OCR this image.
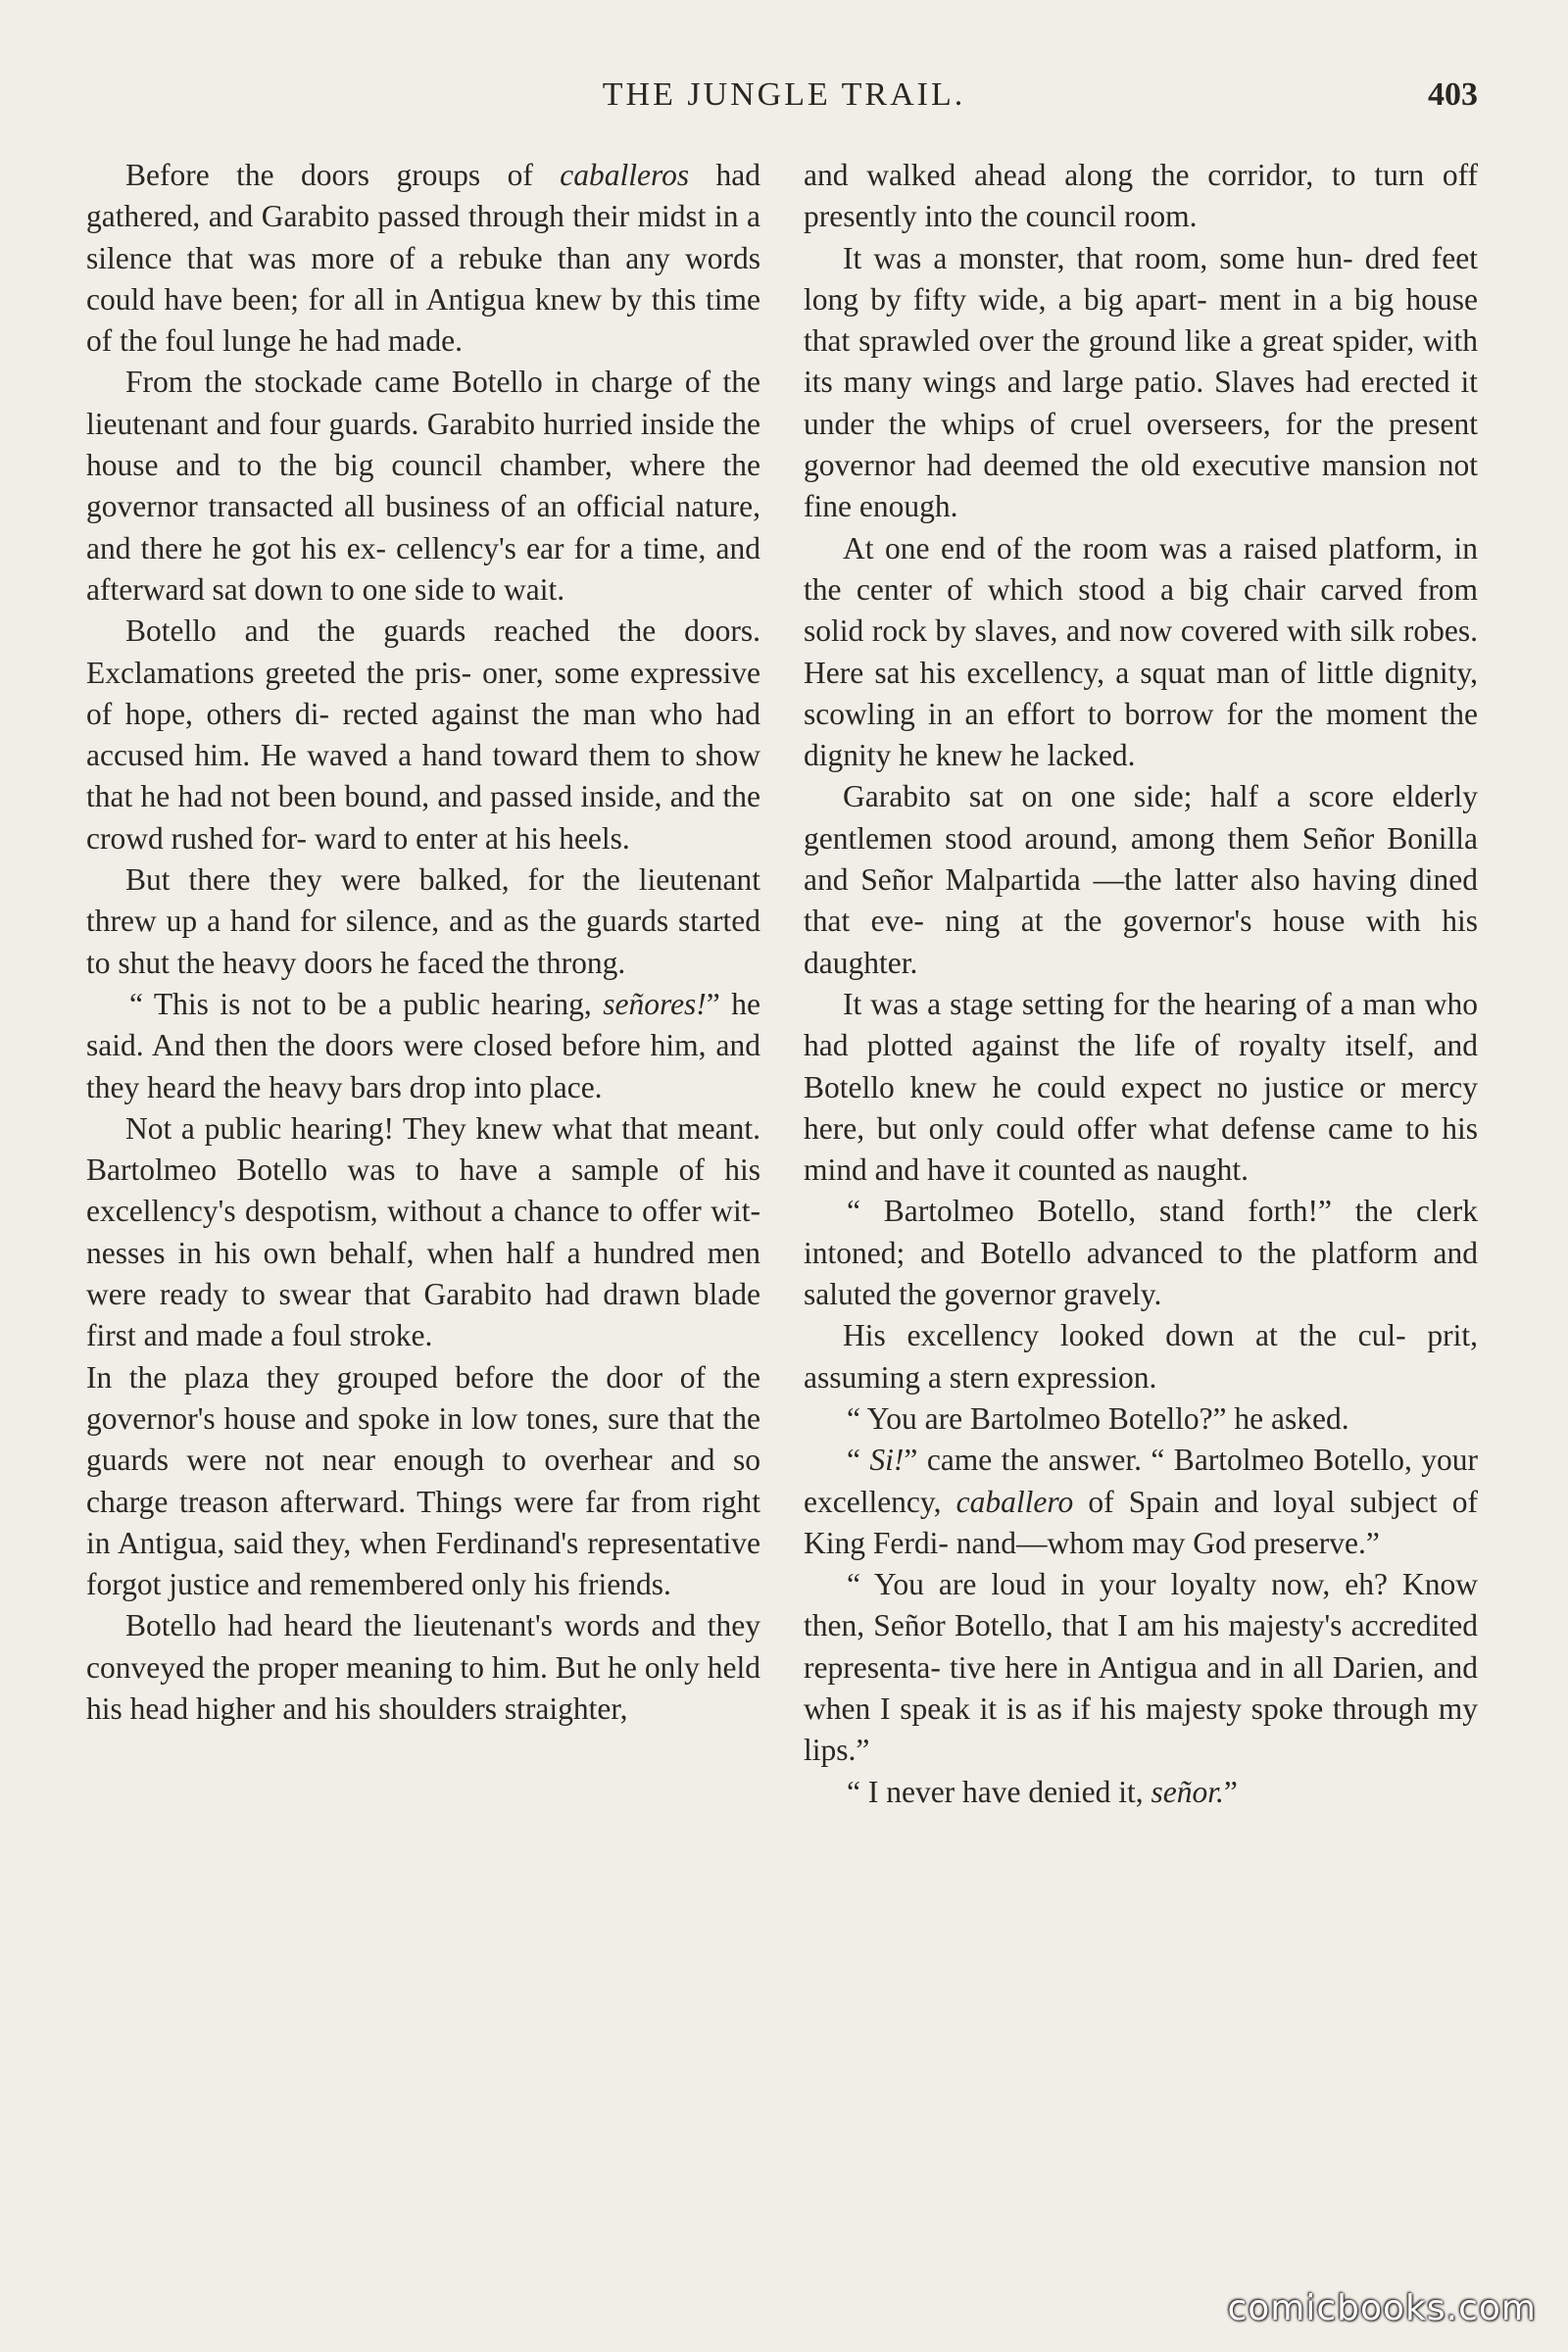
THE JUNGLE TRAIL.	403

Before the doors groups of caballeros had gathered, and Garabito passed through their midst in a silence that was more of a rebuke than any words could have been; for all in Antigua knew by this time of the foul lunge he had made.

From the stockade came Botello in charge of the lieutenant and four guards. Garabito hurried inside the house and to the big council chamber, where the governor transacted all business of an official nature, and there he got his ex- cellency's ear for a time, and afterward sat down to one side to wait.

Botello and the guards reached the doors. Exclamations greeted the pris- oner, some expressive of hope, others di- rected against the man who had accused him. He waved a hand toward them to show that he had not been bound, and passed inside, and the crowd rushed for- ward to enter at his heels.

But there they were balked, for the lieutenant threw up a hand for silence, and as the guards started to shut the heavy doors he faced the throng.

“ This is not to be a public hearing, señores!” he said. And then the doors were closed before him, and they heard the heavy bars drop into place.

Not a public hearing! They knew what that meant. Bartolmeo Botello was to have a sample of his excellency's despotism, without a chance to offer wit- nesses in his own behalf, when half a hundred men were ready to swear that Garabito had drawn blade first and made a foul stroke.

In the plaza they grouped before the door of the governor's house and spoke in low tones, sure that the guards were not near enough to overhear and so charge treason afterward. Things were far from right in Antigua, said they, when Ferdinand's representative forgot justice and remembered only his friends.

Botello had heard the lieutenant's words and they conveyed the proper meaning to him. But he only held his head higher and his shoulders straighter,

and walked ahead along the corridor, to turn off presently into the council room.

It was a monster, that room, some hun- dred feet long by fifty wide, a big apart- ment in a big house that sprawled over the ground like a great spider, with its many wings and large patio. Slaves had erected it under the whips of cruel overseers, for the present governor had deemed the old executive mansion not fine enough.

At one end of the room was a raised platform, in the center of which stood a big chair carved from solid rock by slaves, and now covered with silk robes. Here sat his excellency, a squat man of little dignity, scowling in an effort to borrow for the moment the dignity he knew he lacked.

Garabito sat on one side; half a score elderly gentlemen stood around, among them Señor Bonilla and Señor Malpartida —the latter also having dined that eve- ning at the governor's house with his daughter.

It was a stage setting for the hearing of a man who had plotted against the life of royalty itself, and Botello knew he could expect no justice or mercy here, but only could offer what defense came to his mind and have it counted as naught.

“ Bartolmeo Botello, stand forth!” the clerk intoned; and Botello advanced to the platform and saluted the governor gravely.

His excellency looked down at the cul- prit, assuming a stern expression.

“ You are Bartolmeo Botello?” he asked.

“ Si!” came the answer. “ Bartolmeo Botello, your excellency, caballero of Spain and loyal subject of King Ferdi- nand—whom may God preserve.”

“ You are loud in your loyalty now, eh? Know then, Señor Botello, that I am his majesty's accredited representa- tive here in Antigua and in all Darien, and when I speak it is as if his majesty spoke through my lips.”

“ I never have denied it, señor.”

comicbooks.com
